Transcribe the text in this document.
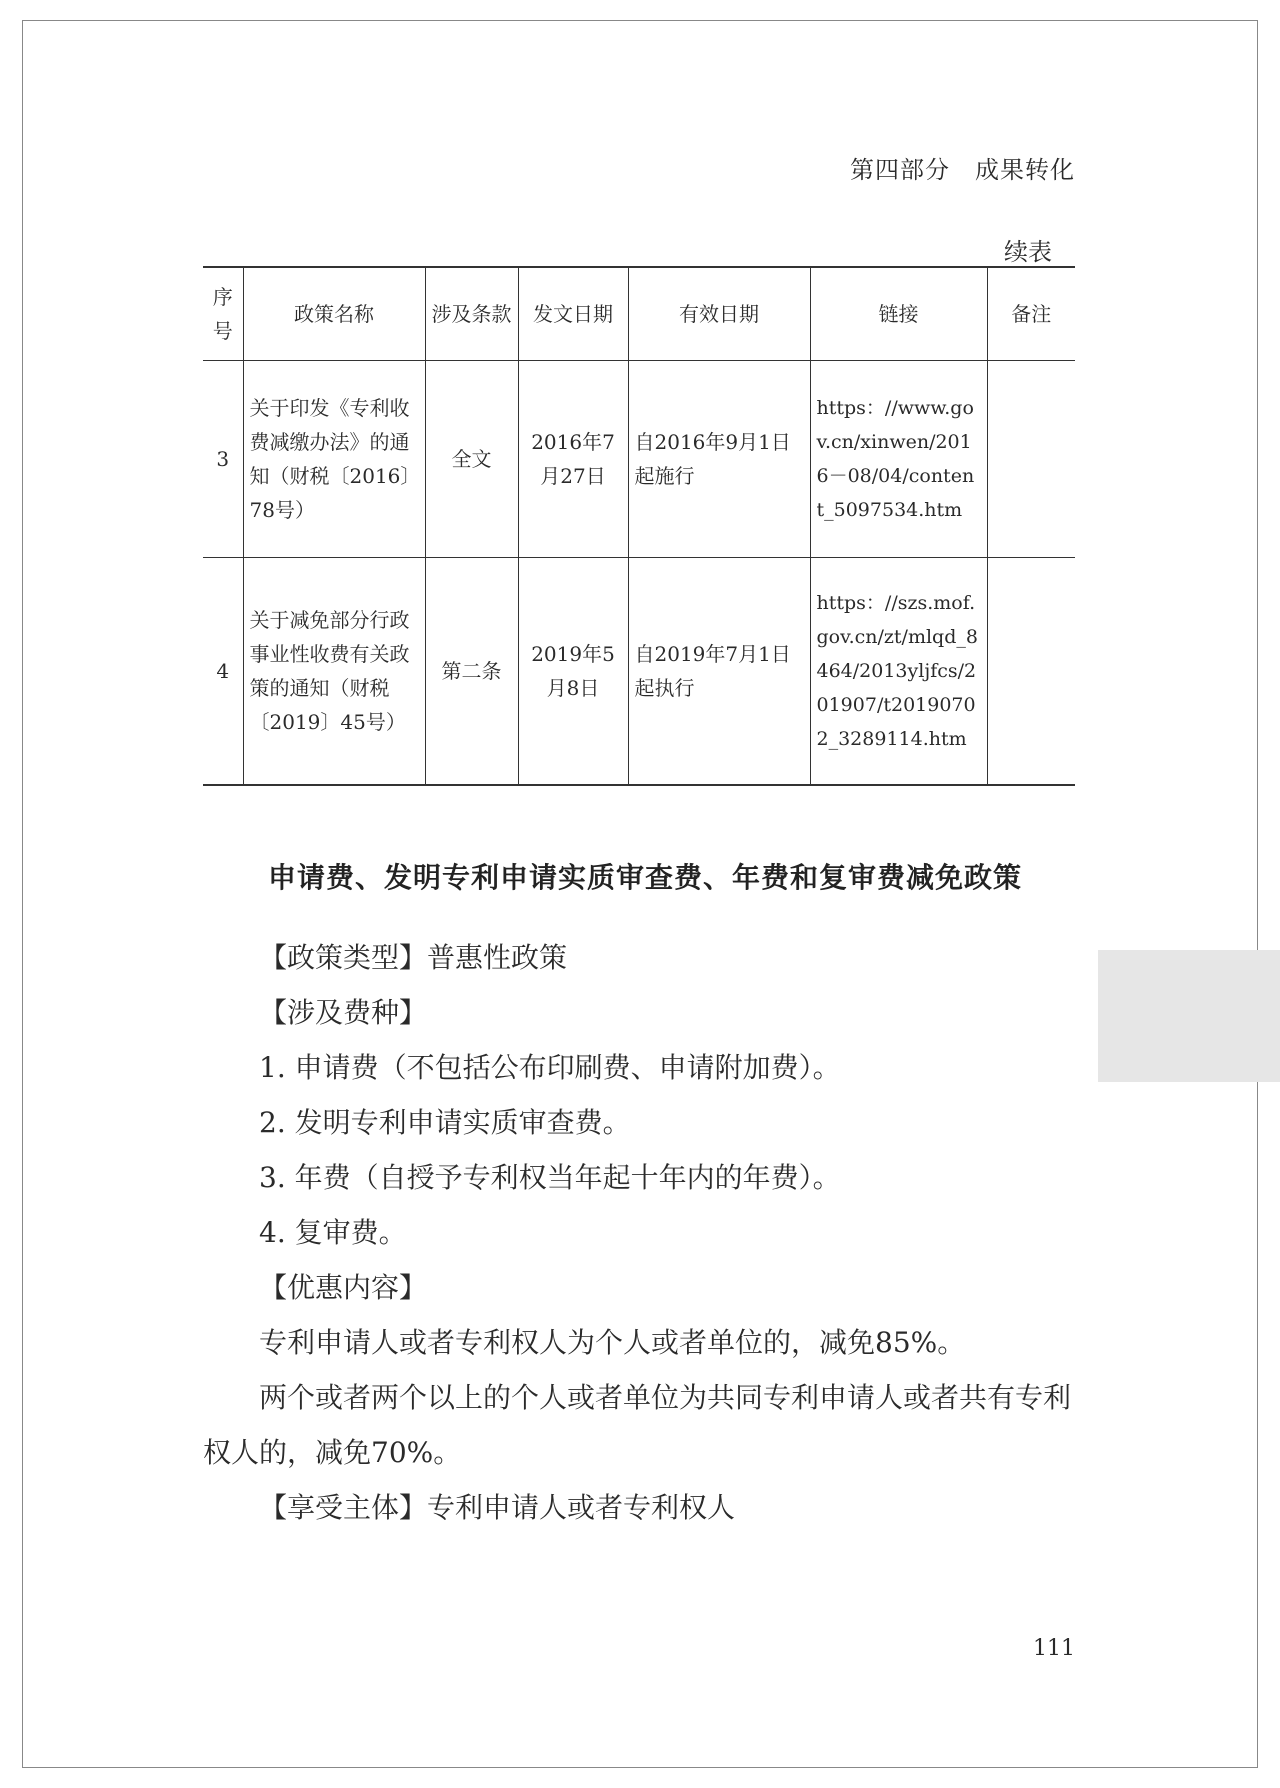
第四部分　成果转化
续表
序号	政策名称	涉及条款	发文日期	有效日期	链接	备注
3	关于印发《专利收费减缴办法》的通知（财税〔2016〕78号）	全文	2016年7月27日	自2016年9月1日起施行	https：//www.gov.cn/xinwen/2016－08/04/content_5097534.htm	
4	关于减免部分行政事业性收费有关政策的通知（财税〔2019〕45号）	第二条	2019年5月8日	自2019年7月1日起执行	https：//szs.mof.gov.cn/zt/mlqd_8464/2013yljfcs/201907/t20190702_3289114.htm	
申请费、发明专利申请实质审查费、年费和复审费减免政策

【政策类型】普惠性政策

【涉及费种】

1. 申请费（不包括公布印刷费、申请附加费）。

2. 发明专利申请实质审查费。

3. 年费（自授予专利权当年起十年内的年费）。

4. 复审费。

【优惠内容】

专利申请人或者专利权人为个人或者单位的，减免85%。

两个或者两个以上的个人或者单位为共同专利申请人或者共有专利权人的，减免70%。

【享受主体】专利申请人或者专利权人

111
